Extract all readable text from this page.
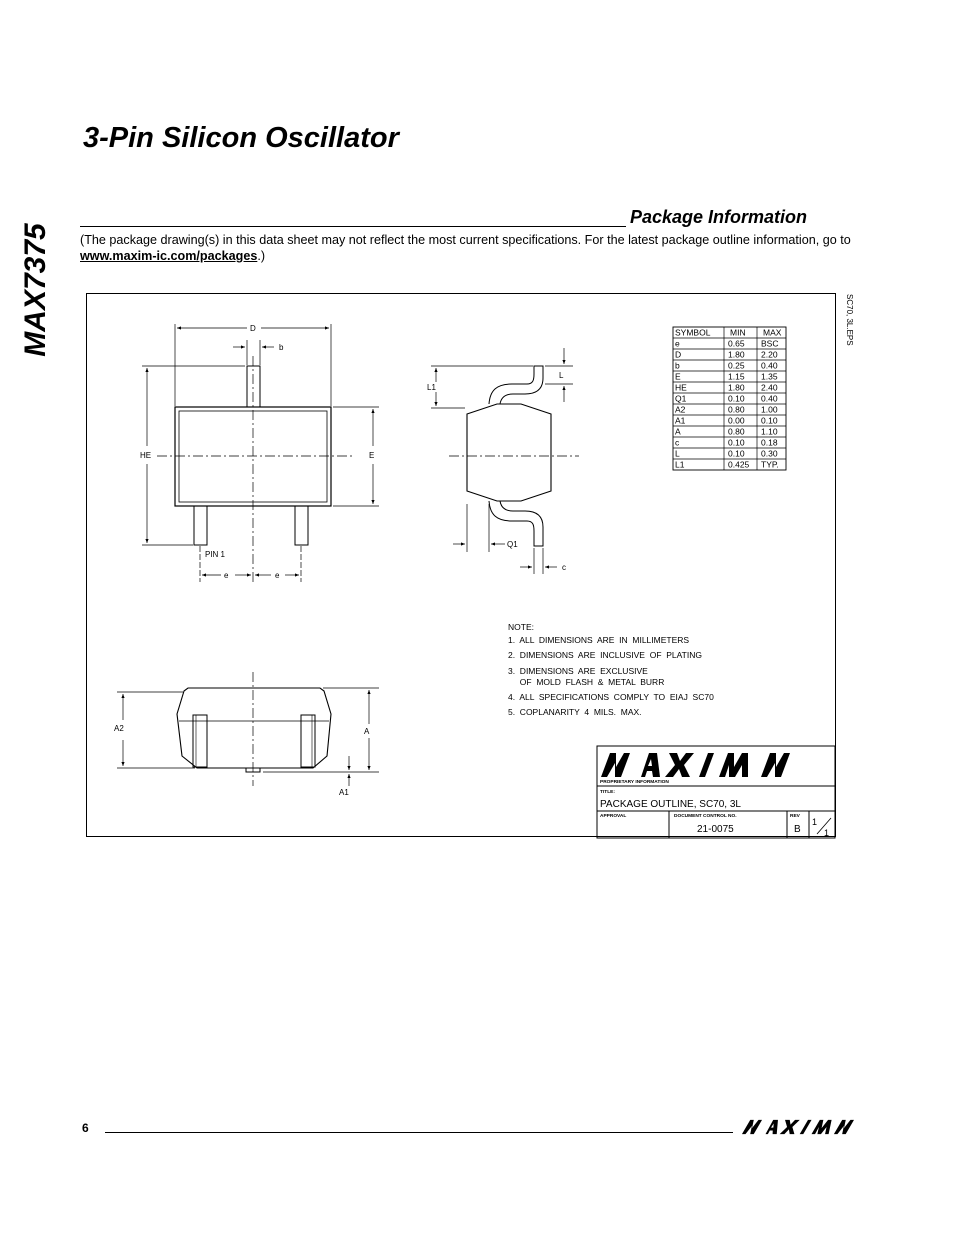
3-Pin Silicon Oscillator
MAX7375
Package Information

(The package drawing(s) in this data sheet may not reflect the most current specifications. For the latest package outline information, go to www.maxim-ic.com/packages.)

SC70, 3L.EPS
D
b
HE	E
PIN 1
e	e
L1
L
Q1
c
A2	A
A1
SYMBOL MIN MAX
e	0.65 BSC
D	1.80 2.20
b	0.25 0.40
E	1.15 1.35
HE	1.80 2.40
Q1	0.10 0.40
A2	0.80 1.00
A1	0.00 0.10
A	0.80 1.10
c	0.10 0.18
L	0.10 0.30
L1	0.425 TYP.
NOTE:
1.  ALL  DIMENSIONS  ARE  IN  MILLIMETERS
2.  DIMENSIONS  ARE  INCLUSIVE  OF  PLATING
3.  DIMENSIONS  ARE  EXCLUSIVE
OF  MOLD  FLASH  &  METAL  BURR
4.  ALL  SPECIFICATIONS  COMPLY  TO  EIAJ  SC70
5.  COPLANARITY  4  MILS.  MAX.
PROPRIETARY INFORMATION
TITLE:
APPROVAL	DOCUMENT CONTROL NO.	REV
PACKAGE OUTLINE, SC70, 3L
21-0075	B
1
1
6
